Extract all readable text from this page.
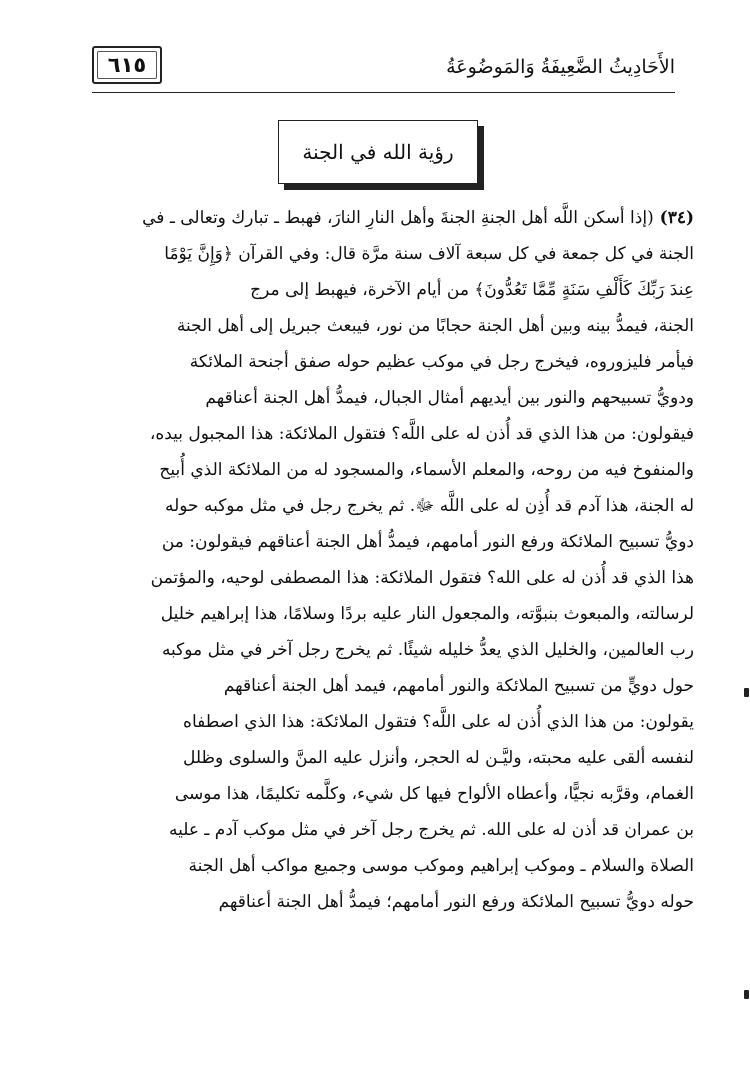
٦١٥	الأَحَادِيثُ الضَّعِيفَةُ وَالمَوضُوعَةُ
رؤية الله في الجنة
(٣٤) (إذا أسكن اللَّه أهل الجنةِ الجنةَ وأهل النارِ النارَ، فهبط ـ تبارك وتعالى ـ في
الجنة في كل جمعة في كل سبعة آلاف سنة مرَّة قال: وفي القرآن ﴿وَإِنَّ يَوْمًا
عِندَ رَبِّكَ كَأَلْفِ سَنَةٍ مِّمَّا تَعُدُّونَ﴾ من أيام الآخرة، فيهبط إلى مرج
الجنة، فيمدُّ بينه وبين أهل الجنة حجابًا من نور، فيبعث جبريل إلى أهل الجنة
فيأمر فليزوروه، فيخرج رجل في موكب عظيم حوله صفق أجنحة الملائكة
ودويُّ تسبيحهم والنور بين أيديهم أمثال الجبال، فيمدُّ أهل الجنة أعناقهم
فيقولون: من هذا الذي قد أُذن له على اللَّه؟ فتقول الملائكة: هذا المجبول بيده،
والمنفوخ فيه من روحه، والمعلم الأسماء، والمسجود له من الملائكة الذي أُبيح
له الجنة، هذا آدم قد أُذِن له على اللَّه ﷻ. ثم يخرج رجل في مثل موكبه حوله
دويُّ تسبيح الملائكة ورفع النور أمامهم، فيمدُّ أهل الجنة أعناقهم فيقولون: من
هذا الذي قد أُذن له على الله؟ فتقول الملائكة: هذا المصطفى لوحيه، والمؤتمن
لرسالته، والمبعوث بنبوَّته، والمجعول النار عليه بردًا وسلامًا، هذا إبراهيم خليل
رب العالمين، والخليل الذي يعدُّ خليله شيئًا. ثم يخرج رجل آخر في مثل موكبه
حول دويٍّ من تسبيح الملائكة والنور أمامهم، فيمد أهل الجنة أعناقهم
يقولون: من هذا الذي أُذن له على اللَّه؟ فتقول الملائكة: هذا الذي اصطفاه
لنفسه ألقى عليه محبته، وليَّـن له الحجر، وأنزل عليه المنَّ والسلوى وظلل
الغمام، وقرَّبه نجيًّا، وأعطاه الألواح فيها كل شيء، وكلَّمه تكليمًا، هذا موسى
بن عمران قد أذن له على الله. ثم يخرج رجل آخر في مثل موكب آدم ـ عليه
الصلاة والسلام ـ وموكب إبراهيم وموكب موسى وجميع مواكب أهل الجنة
حوله دويُّ تسبيح الملائكة ورفع النور أمامهم؛ فيمدُّ أهل الجنة أعناقهم
